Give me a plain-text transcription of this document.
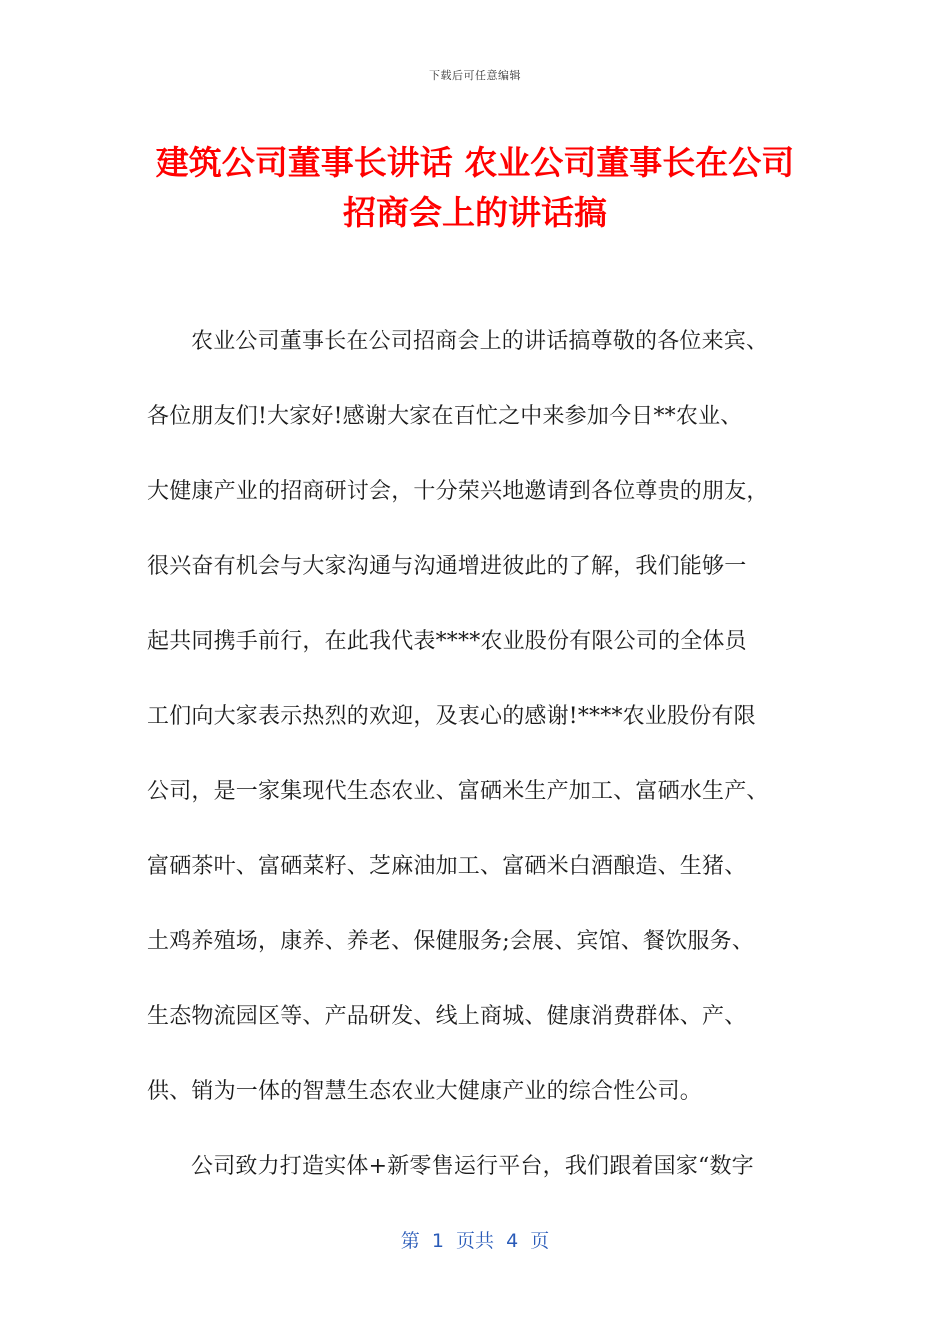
下载后可任意编辑
建筑公司董事长讲话 农业公司董事长在公司
招商会上的讲话搞
农业公司董事长在公司招商会上的讲话搞尊敬的各位来宾、
各位朋友们!大家好!感谢大家在百忙之中来参加今日**农业、
大健康产业的招商研讨会，十分荣兴地邀请到各位尊贵的朋友，
很兴奋有机会与大家沟通与沟通增进彼此的了解，我们能够一
起共同携手前行，在此我代表****农业股份有限公司的全体员
工们向大家表示热烈的欢迎，及衷心的感谢!****农业股份有限
公司，是一家集现代生态农业、富硒米生产加工、富硒水生产、
富硒茶叶、富硒菜籽、芝麻油加工、富硒米白酒酿造、生猪、
土鸡养殖场，康养、养老、保健服务;会展、宾馆、餐饮服务、
生态物流园区等、产品研发、线上商城、健康消费群体、产、
供、销为一体的智慧生态农业大健康产业的综合性公司。
公司致力打造实体+新零售运行平台，我们跟着国家“数字
第  1  页共  4  页
